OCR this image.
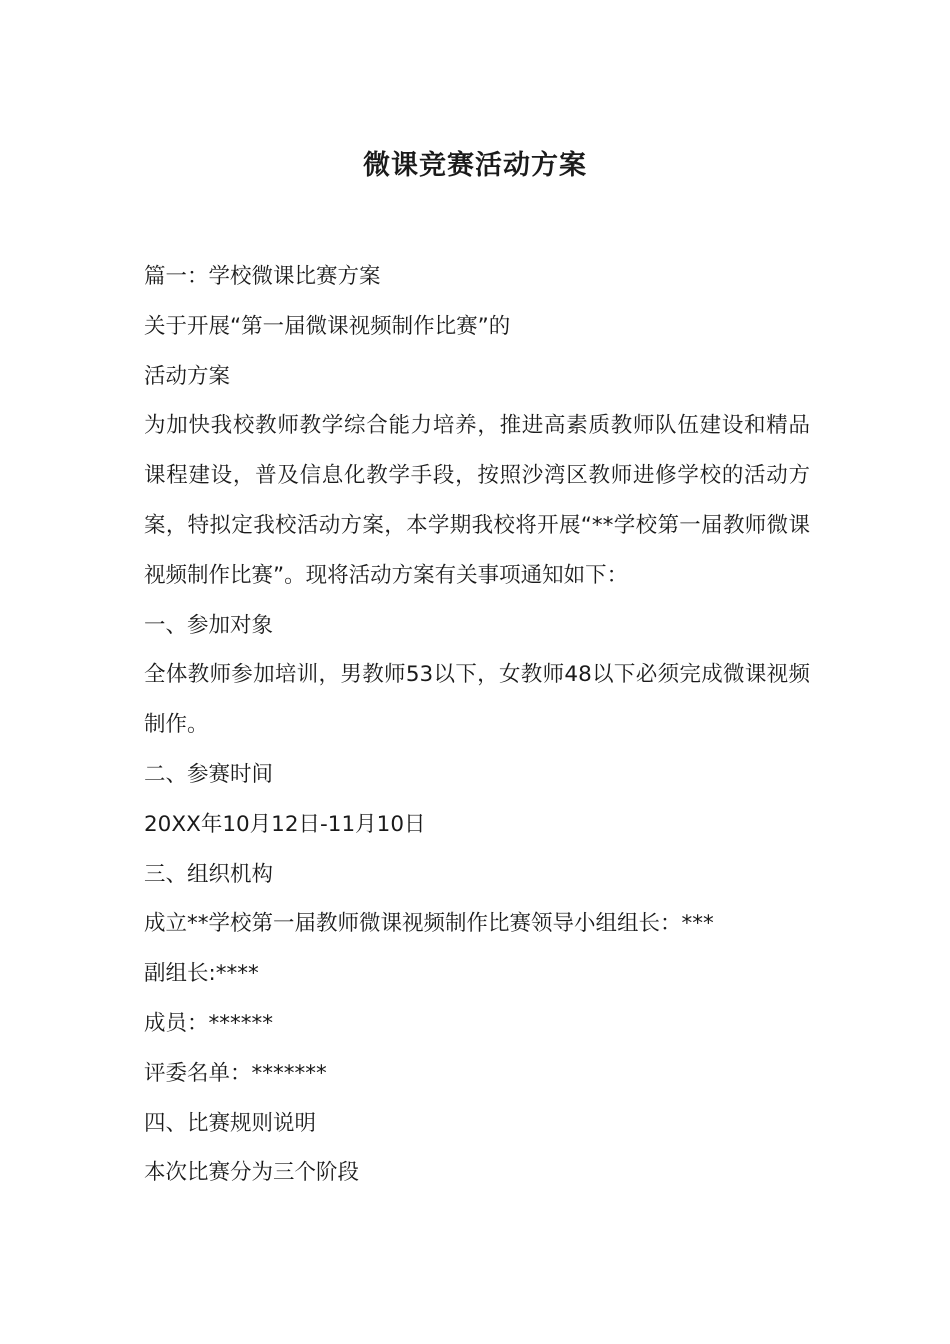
微课竞赛活动方案

篇一：学校微课比赛方案

关于开展“第一届微课视频制作比赛”的

活动方案

为加快我校教师教学综合能力培养，推进高素质教师队伍建设和精品课程建设，普及信息化教学手段，按照沙湾区教师进修学校的活动方案，特拟定我校活动方案，本学期我校将开展“**学校第一届教师微课视频制作比赛”。现将活动方案有关事项通知如下：

一、参加对象

全体教师参加培训，男教师53以下，女教师48以下必须完成微课视频制作。

二、参赛时间

20XX年10月12日-11月10日

三、组织机构

成立**学校第一届教师微课视频制作比赛领导小组组长：***

副组长:****

成员：******

评委名单：*******

四、比赛规则说明

本次比赛分为三个阶段
